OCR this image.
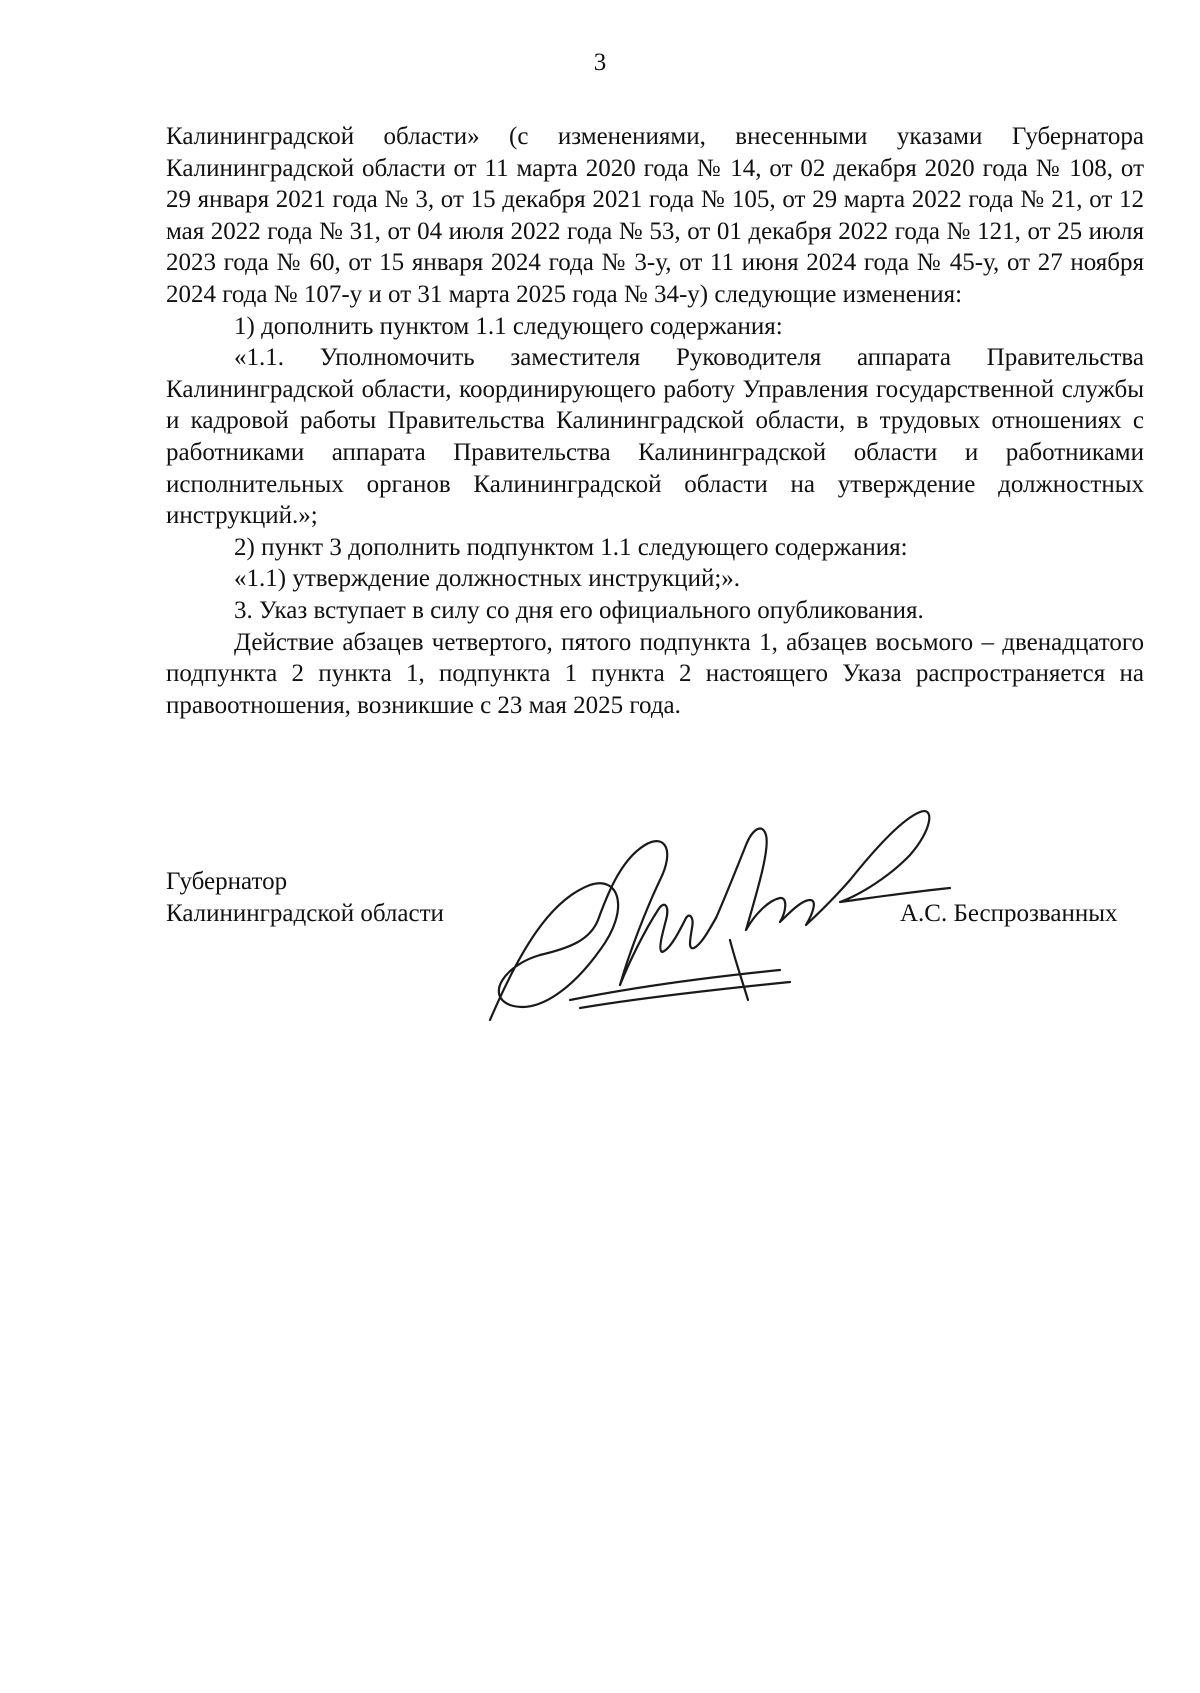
3

Калининградской области» (с изменениями, внесенными указами Губернатора Калининградской области от 11 марта 2020 года № 14, от 02 декабря 2020 года № 108, от 29 января 2021 года № 3, от 15 декабря 2021 года № 105, от 29 марта 2022 года № 21, от 12 мая 2022 года № 31, от 04 июля 2022 года № 53, от 01 декабря 2022 года № 121, от 25 июля 2023 года № 60, от 15 января 2024 года № 3-у, от 11 июня 2024 года № 45-у, от 27 ноября 2024 года № 107-у и от 31 марта 2025 года № 34-у) следующие изменения:

1) дополнить пунктом 1.1 следующего содержания:

«1.1. Уполномочить заместителя Руководителя аппарата Правительства Калининградской области, координирующего работу Управления государственной службы и кадровой работы Правительства Калининградской области, в трудовых отношениях с работниками аппарата Правительства Калининградской области и работниками исполнительных органов Калининградской области на утверждение должностных инструкций.»;

2) пункт 3 дополнить подпунктом 1.1 следующего содержания:

«1.1) утверждение должностных инструкций;».

3. Указ вступает в силу со дня его официального опубликования.

Действие абзацев четвертого, пятого подпункта 1, абзацев восьмого – двенадцатого подпункта 2 пункта 1, подпункта 1 пункта 2 настоящего Указа распространяется на правоотношения, возникшие с 23 мая 2025 года.

Губернатор
Калининградской области	А.С. Беспрозванных
